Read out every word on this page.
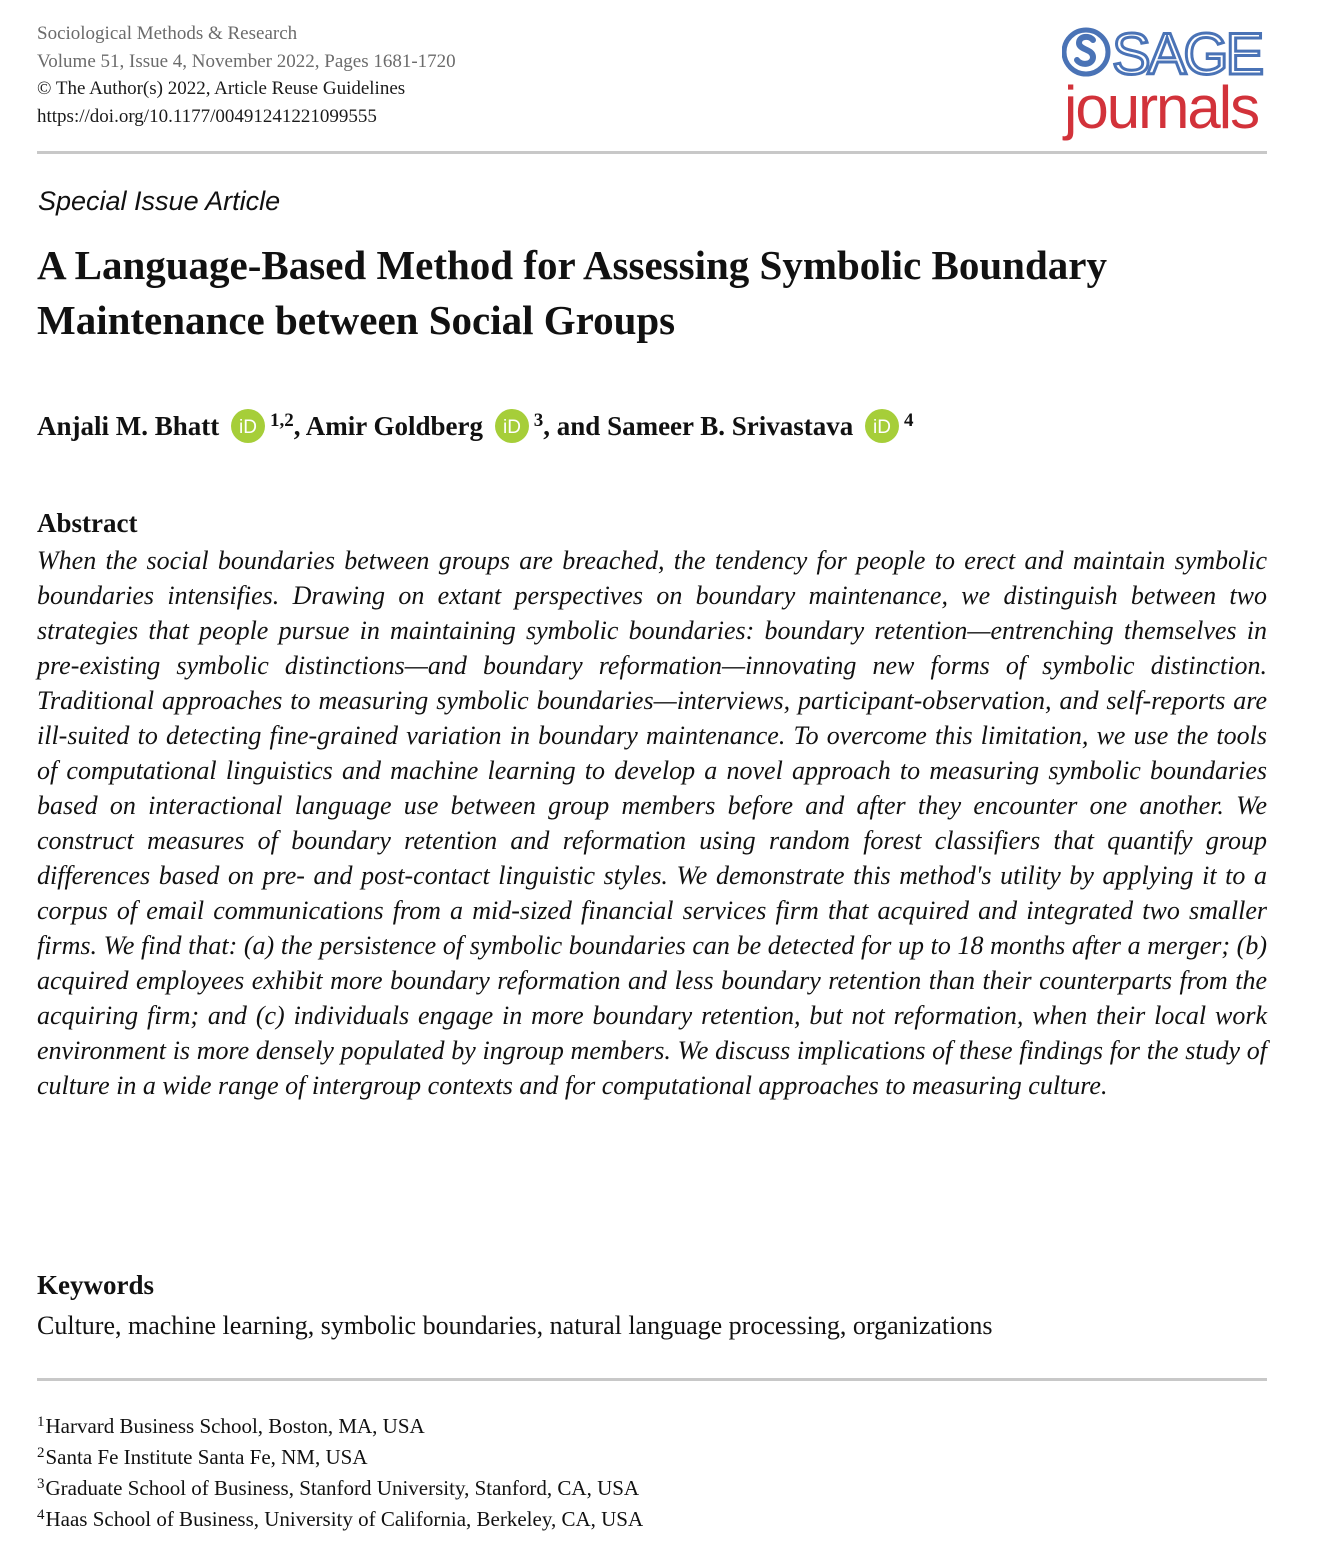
Sociological Methods & Research
Volume 51, Issue 4, November 2022, Pages 1681-1720
© The Author(s) 2022, Article Reuse Guidelines
https://doi.org/10.1177/00491241221099555
SAGE
journals
Special Issue Article
A Language-Based Method for Assessing Symbolic Boundary Maintenance between Social Groups
Anjali M. Bhatt iD $^{1,2}$, Amir Goldberg iD $^3$, and Sameer B. Srivastava iD $^4$
Abstract

When the social boundaries between groups are breached, the tendency for people to erect and maintain symbolic boundaries intensifies. Drawing on extant perspectives on boundary maintenance, we distinguish between two strategies that people pursue in maintaining symbolic boundaries: boundary retention—entrenching themselves in pre-existing symbolic distinctions—and boundary reformation—innovating new forms of symbolic distinction. Traditional approaches to measuring symbolic boundaries—interviews, participant-observation, and self-reports are ill-suited to detecting fine-grained variation in boundary maintenance. To overcome this limitation, we use the tools of computational linguistics and machine learning to develop a novel approach to measuring symbolic boundaries based on interactional language use between group members before and after they encounter one another. We construct measures of boundary retention and reformation using random forest classifiers that quantify group differences based on pre- and post-contact linguistic styles. We demonstrate this method's utility by applying it to a corpus of email communications from a mid-sized financial services firm that acquired and integrated two smaller firms. We find that: (a) the persistence of symbolic boundaries can be detected for up to 18 months after a merger; (b) acquired employees exhibit more boundary reformation and less boundary retention than their counterparts from the acquiring firm; and (c) individuals engage in more boundary retention, but not reformation, when their local work environment is more densely populated by ingroup members. We discuss implications of these findings for the study of culture in a wide range of intergroup contexts and for computational approaches to measuring culture.

Keywords
Culture, machine learning, symbolic boundaries, natural language processing, organizations
$^1$Harvard Business School, Boston, MA, USA
$^2$Santa Fe Institute Santa Fe, NM, USA
$^3$Graduate School of Business, Stanford University, Stanford, CA, USA
$^4$Haas School of Business, University of California, Berkeley, CA, USA
